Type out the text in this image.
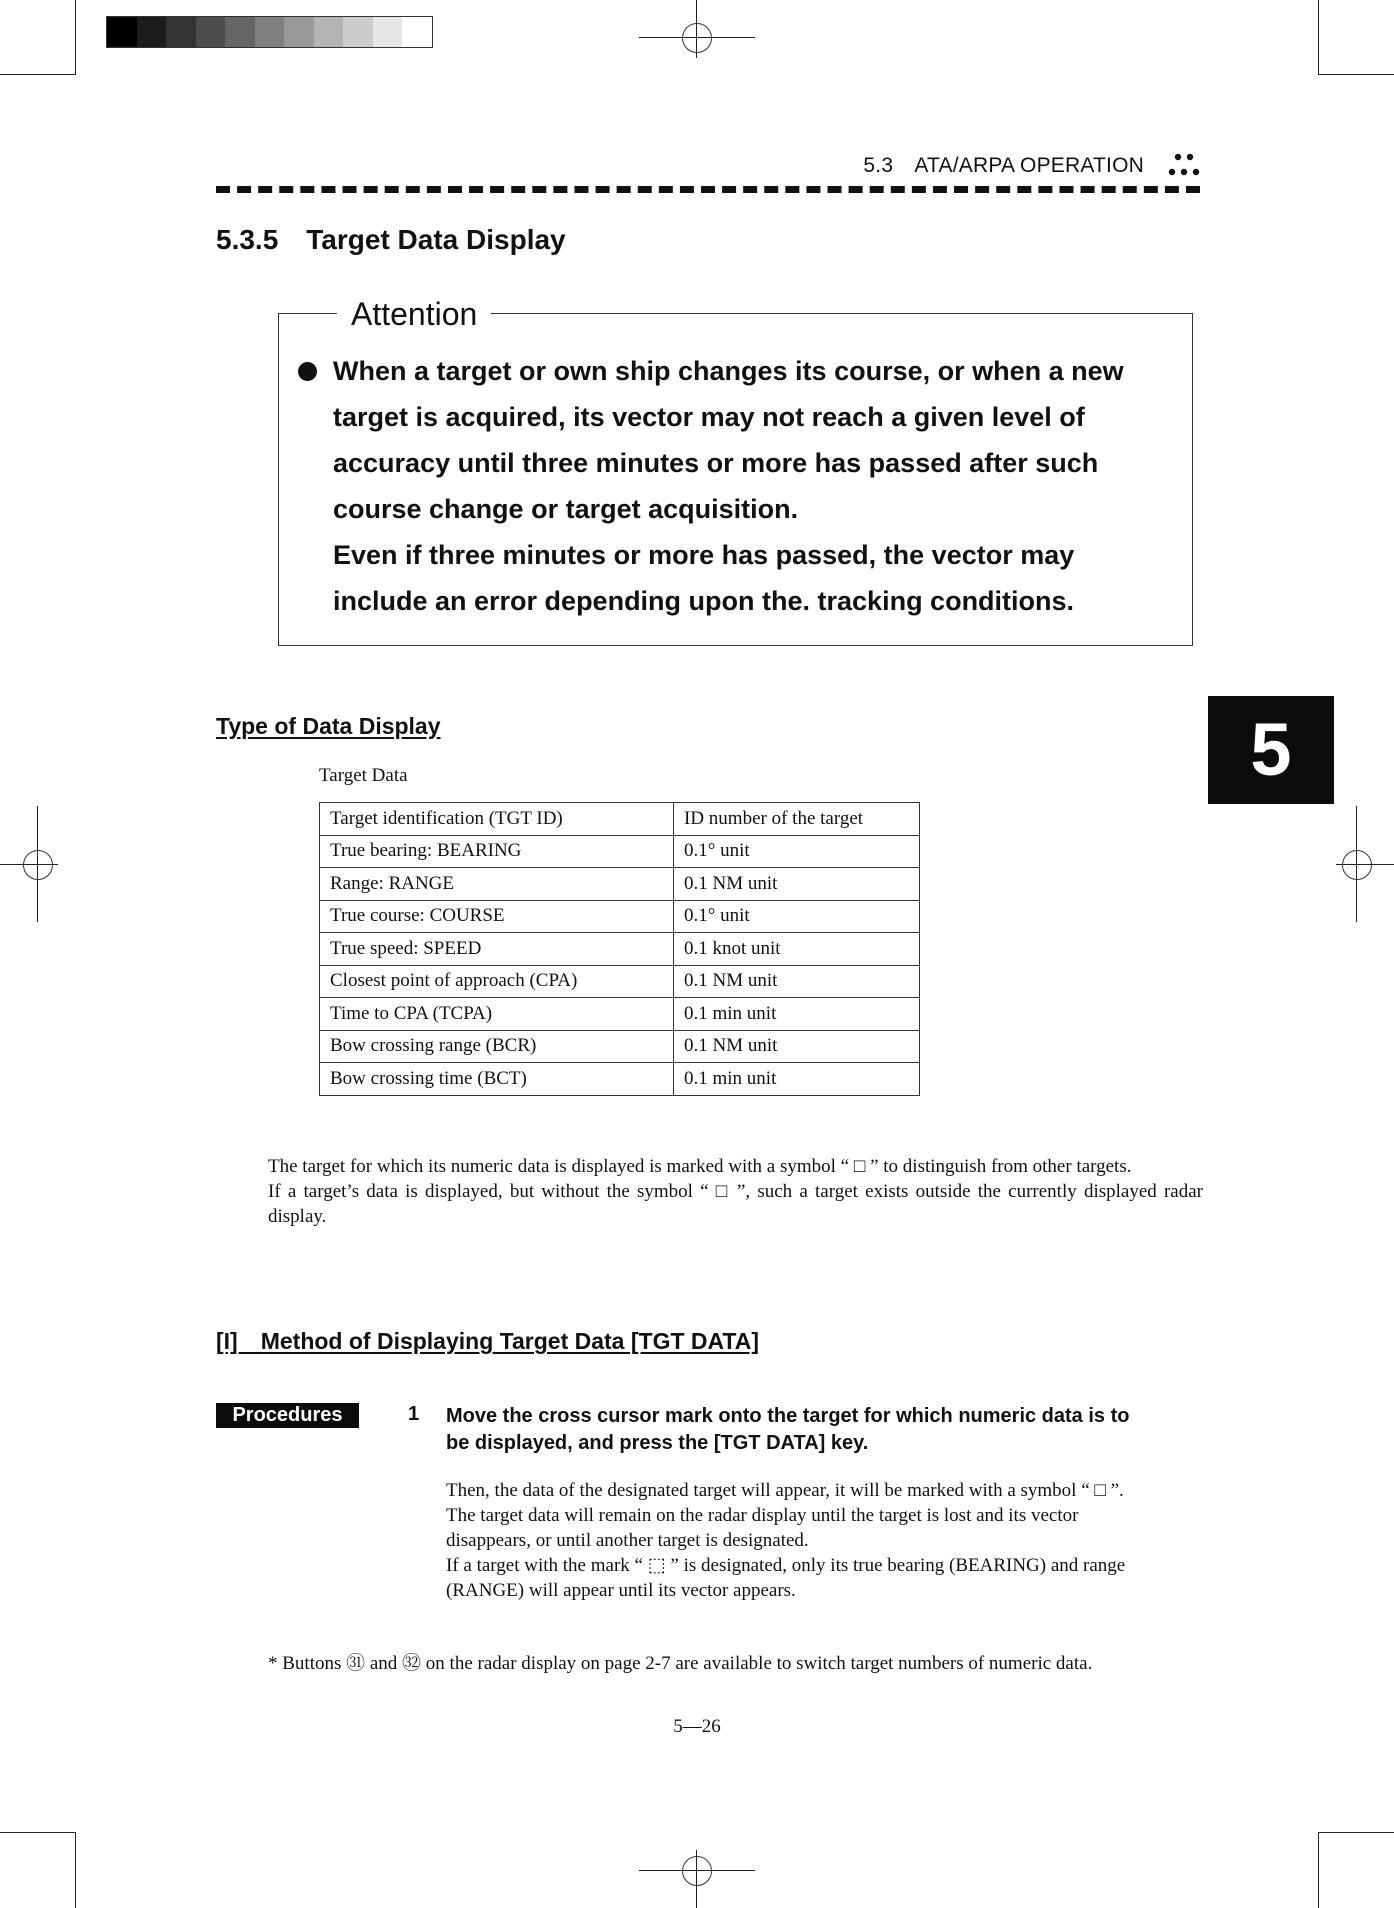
5.3 ATA/ARPA OPERATION
5.3.5 Target Data Display
Attention
When a target or own ship changes its course, or when a new
target is acquired, its vector may not reach a given level of
accuracy until three minutes or more has passed after such
course change or target acquisition.
Even if three minutes or more has passed, the vector may
include an error depending upon the. tracking conditions.
5
Type of Data Display
Target Data
Target identification (TGT ID)	ID number of the target
True bearing: BEARING	0.1° unit
Range: RANGE	0.1 NM unit
True course: COURSE	0.1° unit
True speed: SPEED	0.1 knot unit
Closest point of approach (CPA)	0.1 NM unit
Time to CPA (TCPA)	0.1 min unit
Bow crossing range (BCR)	0.1 NM unit
Bow crossing time (BCT)	0.1 min unit

The target for which its numeric data is displayed is marked with a symbol “ □ ” to distinguish from other targets.

If a target’s data is displayed, but without the symbol “ □ ”, such a target exists outside the currently displayed radar display.

[I] Method of Displaying Target Data [TGT DATA]
Procedures	1 Move the cross cursor mark onto the target for which numeric data is to
be displayed, and press the [TGT DATA] key.
Then, the data of the designated target will appear, it will be marked with a symbol “ □ ”.
The target data will remain on the radar display until the target is lost and its vector
disappears, or until another target is designated.
If a target with the mark “ ⬚ ” is designated, only its true bearing (BEARING) and range
(RANGE) will appear until its vector appears.
* Buttons ㉛ and ㉜ on the radar display on page 2-7 are available to switch target numbers of numeric data.
5—26
